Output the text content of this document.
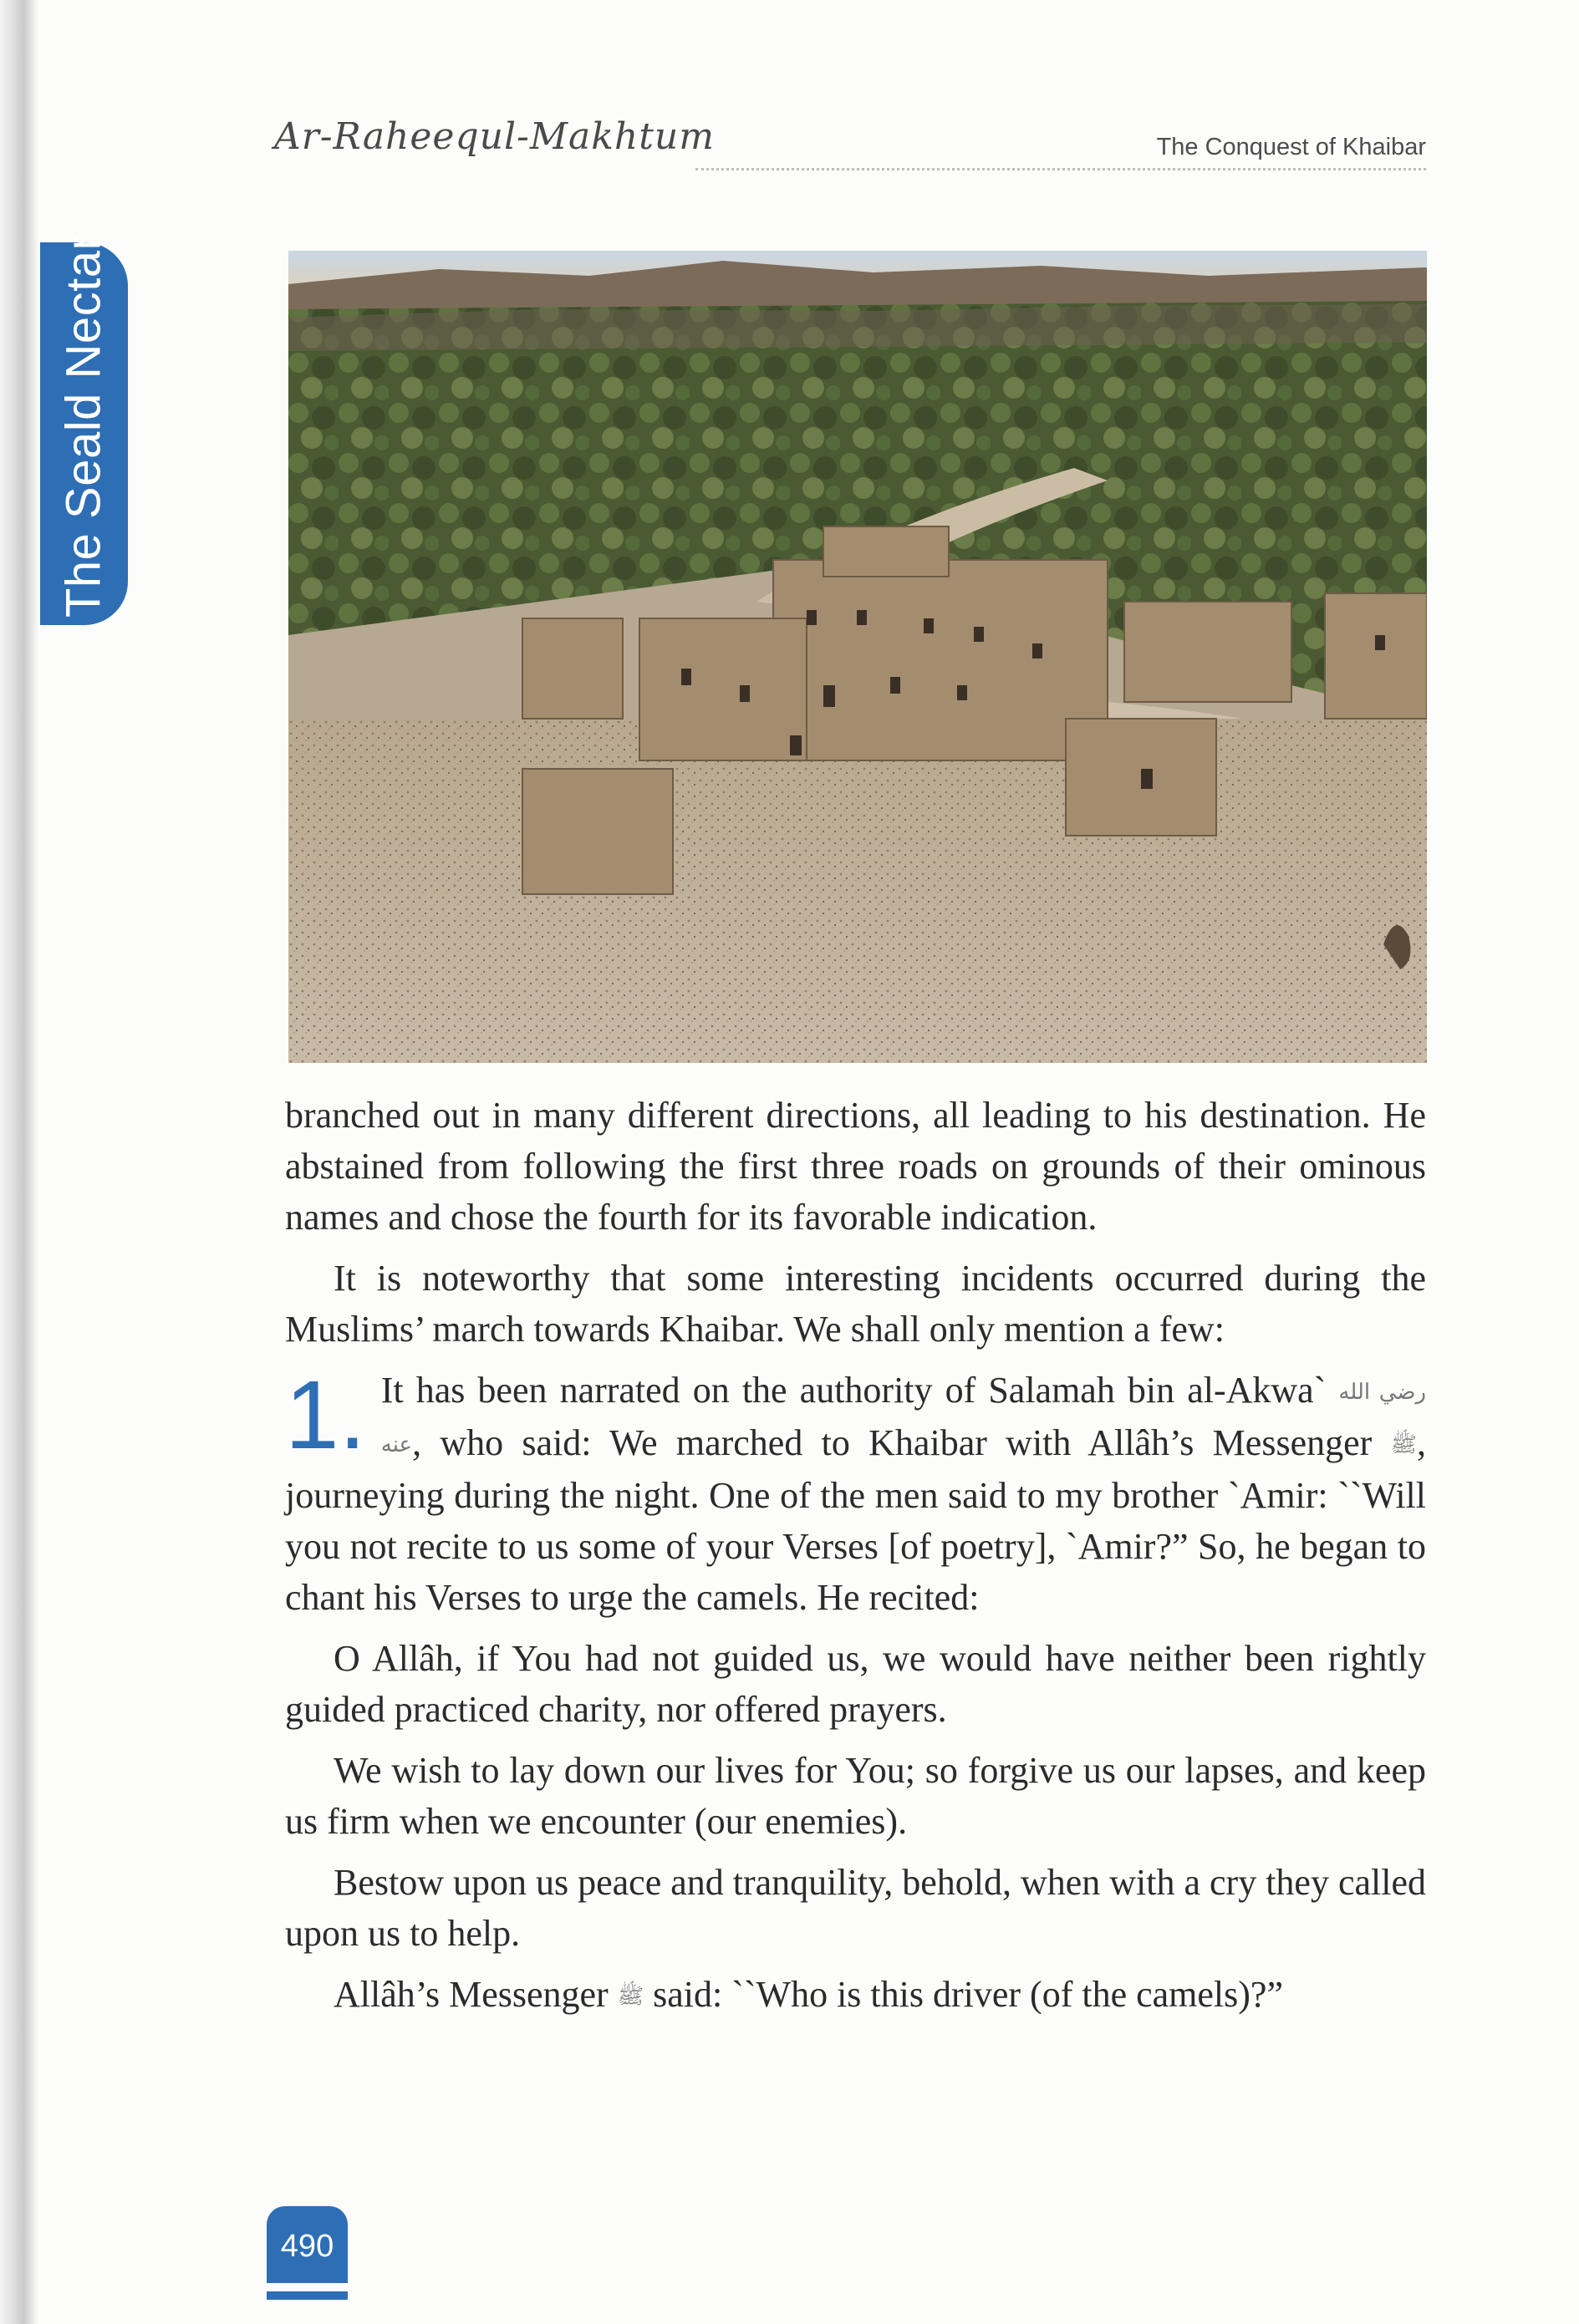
The Seald Nectar
Ar-Raheequl-Makhtum	The Conquest of Khaibar

branched out in many different directions, all leading to his destination. He abstained from following the first three roads on grounds of their ominous names and chose the fourth for its favorable indication.

It is noteworthy that some interesting incidents occurred during the Muslims’ march towards Khaibar. We shall only mention a few:

1. It has been narrated on the authority of Salamah bin al-Akwa` رضي الله عنه, who said: We marched to Khaibar with Allâh’s Messenger ﷺ, journeying during the night. One of the men said to my brother `Amir: ``Will you not recite to us some of your Verses [of poetry], `Amir?” So, he began to chant his Verses to urge the camels. He recited:

O Allâh, if You had not guided us, we would have neither been rightly guided practiced charity, nor offered prayers.

We wish to lay down our lives for You; so forgive us our lapses, and keep us firm when we encounter (our enemies).

Bestow upon us peace and tranquility, behold, when with a cry they called upon us to help.

Allâh’s Messenger ﷺ said: ``Who is this driver (of the camels)?”

490
